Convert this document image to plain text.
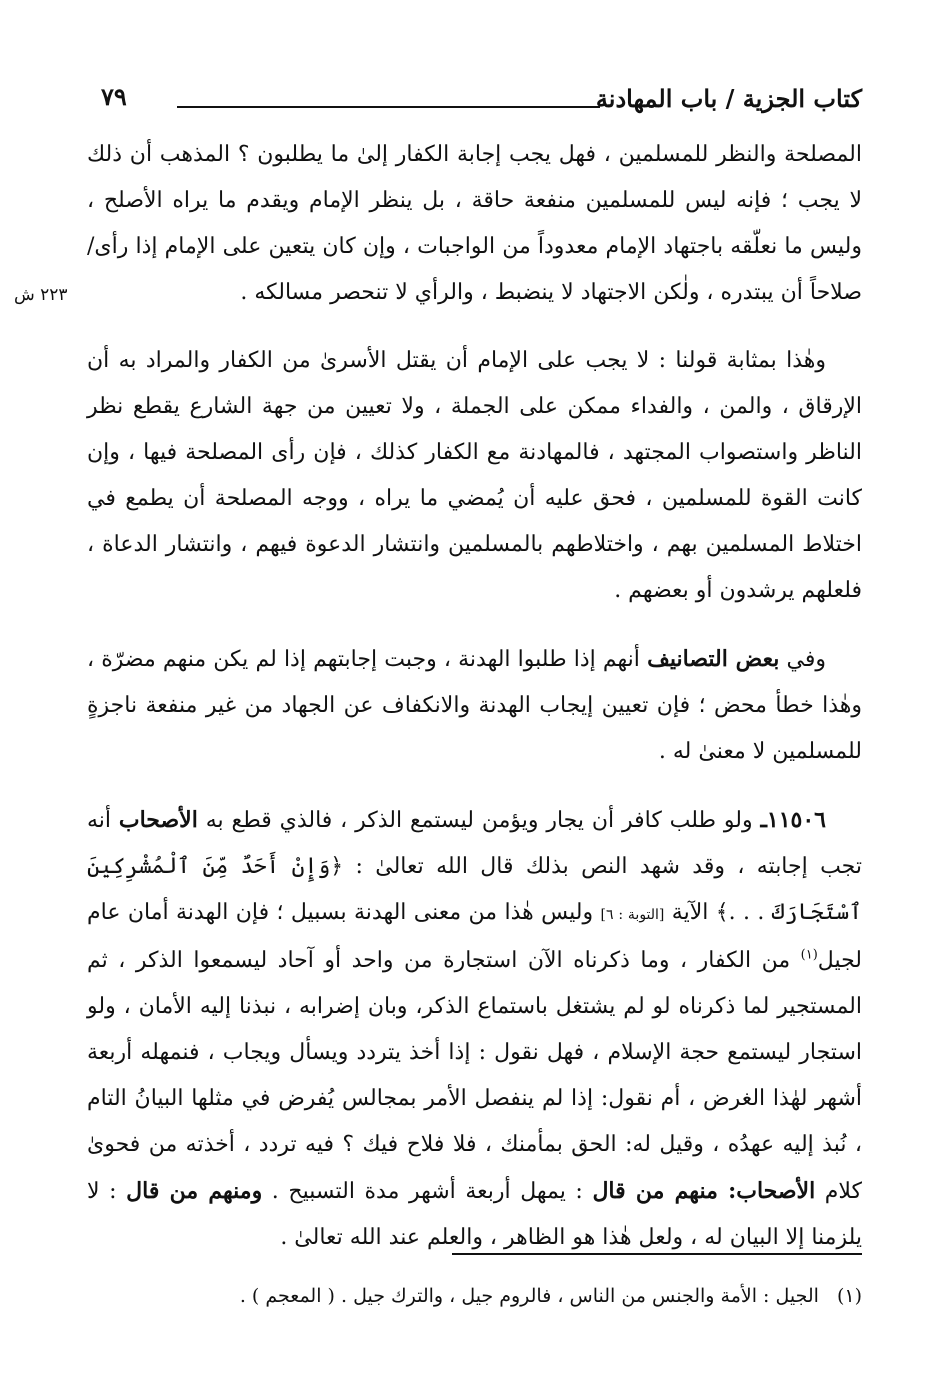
كتاب الجزية / باب المهادنة
٧٩
٢٢٣ ش

المصلحة والنظر للمسلمين ، فهل يجب إجابة الكفار إلىٰ ما يطلبون ؟ المذهب أن ذلك لا يجب ؛ فإنه ليس للمسلمين منفعة حاقة ، بل ينظر الإمام ويقدم ما يراه الأصلح ، وليس ما نعلّقه باجتهاد الإمام معدوداً من الواجبات ، وإن كان يتعين على الإمام إذا رأى/ صلاحاً أن يبتدره ، ولٰكن الاجتهاد لا ينضبط ، والرأي لا تنحصر مسالكه .

وهٰذا بمثابة قولنا : لا يجب على الإمام أن يقتل الأسرىٰ من الكفار والمراد به أن الإرقاق ، والمن ، والفداء ممكن على الجملة ، ولا تعيين من جهة الشارع يقطع نظر الناظر واستصواب المجتهد ، فالمهادنة مع الكفار كذلك ، فإن رأى المصلحة فيها ، وإن كانت القوة للمسلمين ، فحق عليه أن يُمضي ما يراه ، ووجه المصلحة أن يطمع في اختلاط المسلمين بهم ، واختلاطهم بالمسلمين وانتشار الدعوة فيهم ، وانتشار الدعاة ، فلعلهم يرشدون أو بعضهم .

وفي بعض التصانيف أنهم إذا طلبوا الهدنة ، وجبت إجابتهم إذا لم يكن منهم مضرّة ، وهٰذا خطأ محض ؛ فإن تعيين إيجاب الهدنة والانكفاف عن الجهاد من غير منفعة ناجزةٍ للمسلمين لا معنىٰ له .

١١٥٠٦ـ ولو طلب كافر أن يجار ويؤمن ليستمع الذكر ، فالذي قطع به الأصحاب أنه تجب إجابته ، وقد شهد النص بذلك قال الله تعالىٰ : ﴿وَإِنْ أَحَدٌ مِّنَ ٱلْمُشْرِكِينَ ٱسْتَجَارَكَ . . .﴾ الآية [التوبة : ٦] وليس هٰذا من معنى الهدنة بسبيل ؛ فإن الهدنة أمان عام لجيل$^{(١)}$ من الكفار ، وما ذكرناه الآن استجارة من واحد أو آحاد ليسمعوا الذكر ، ثم المستجير لما ذكرناه لو لم يشتغل باستماع الذكر، وبان إضرابه ، نبذنا إليه الأمان ، ولو استجار ليستمع حجة الإسلام ، فهل نقول : إذا أخذ يتردد ويسأل ويجاب ، فنمهله أربعة أشهر لهٰذا الغرض ، أم نقول: إذا لم ينفصل الأمر بمجالس يُفرض في مثلها البيانُ التام ، نُبذ إليه عهدُه ، وقيل له: الحق بمأمنك ، فلا فلاح فيك ؟ فيه تردد ، أخذته من فحوىٰ كلام الأصحاب: منهم من قال : يمهل أربعة أشهر مدة التسبيح . ومنهم من قال : لا يلزمنا إلا البيان له ، ولعل هٰذا هو الظاهر ، والعلم عند الله تعالىٰ .

(١)الجيل : الأمة والجنس من الناس ، فالروم جيل ، والترك جيل . ( المعجم ) .
